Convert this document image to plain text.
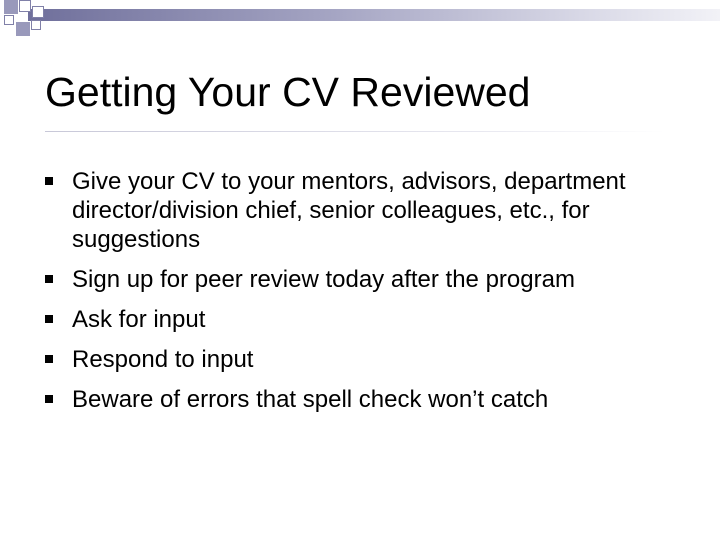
Getting Your CV Reviewed
Give your CV to your mentors, advisors, department director/division chief, senior colleagues, etc., for suggestions
Sign up for peer review today after the program
Ask for input
Respond to input
Beware of errors that spell check won’t catch
